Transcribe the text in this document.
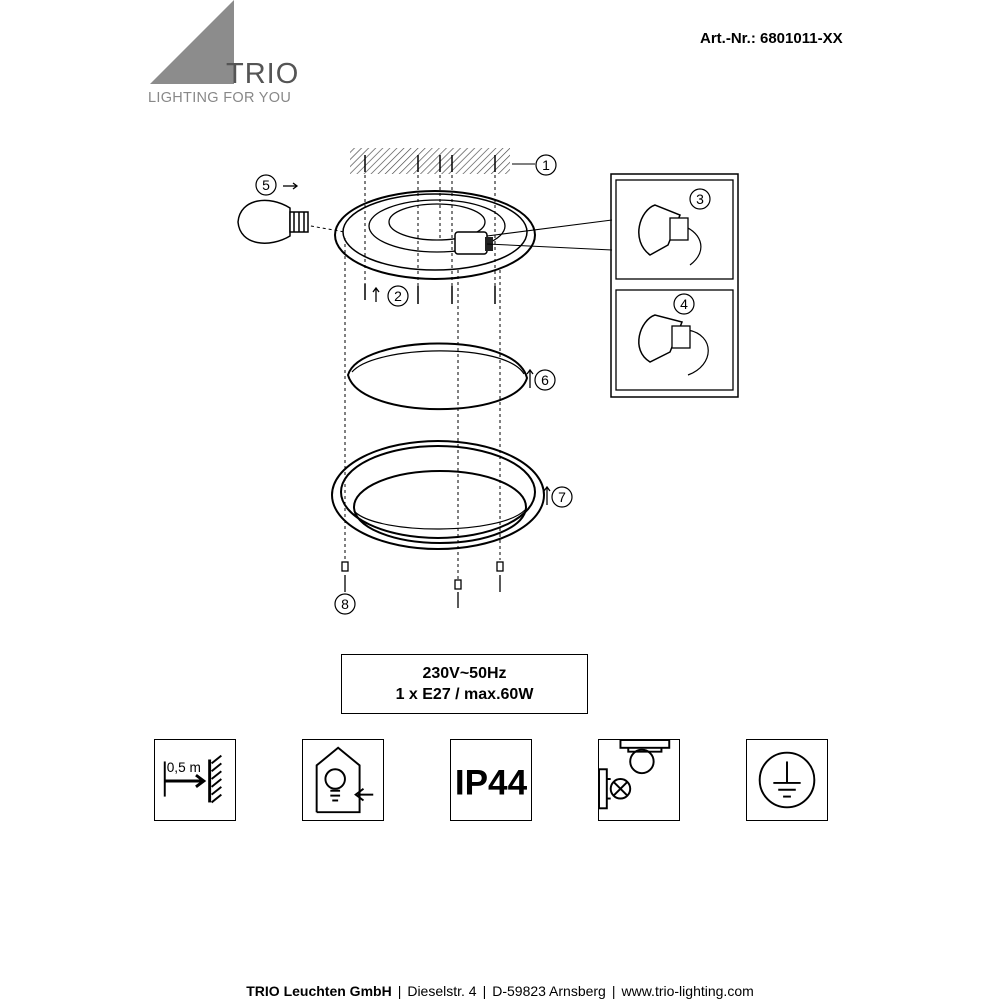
TRIO
LIGHTING FOR YOU
Art.-Nr.: 6801011-XX
1
2
3
4
5
6
7
8
230V~50Hz
1 x E27 / max.60W
0,5 m	IP44
TRIO Leuchten GmbH | Dieselstr. 4 | D-59823 Arnsberg | www.trio-lighting.com
